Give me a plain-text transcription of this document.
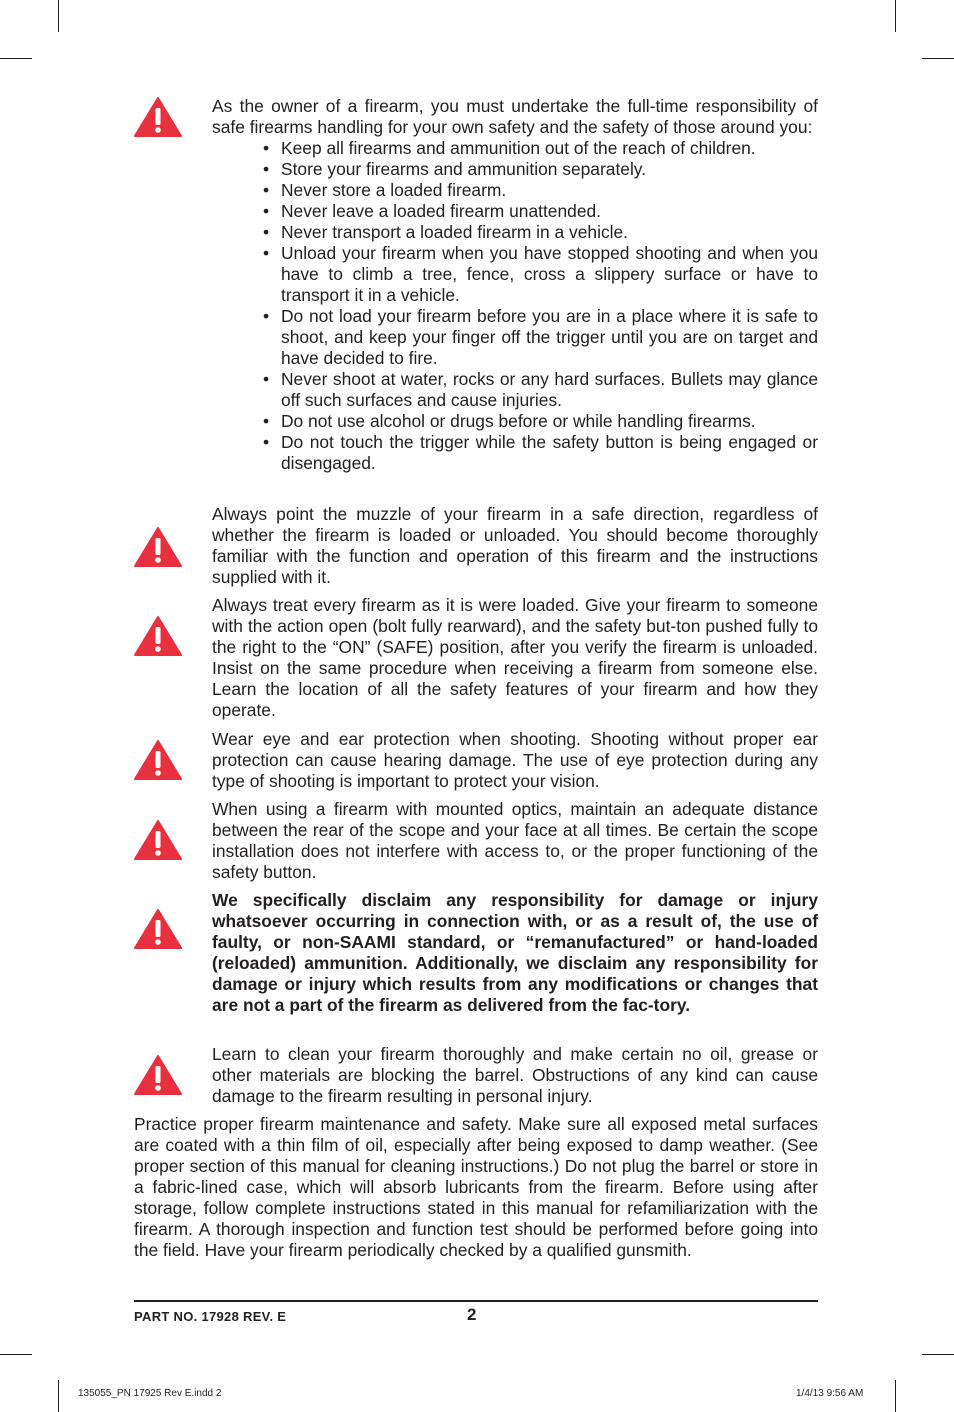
As the owner of a firearm, you must undertake the full-time responsibility of safe firearms handling for your own safety and the safety of those around you:
• Keep all firearms and ammunition out of the reach of children.
• Store your firearms and ammunition separately.
• Never store a loaded firearm.
• Never leave a loaded firearm unattended.
• Never transport a loaded firearm in a vehicle.
• Unload your firearm when you have stopped shooting and when you have to climb a tree, fence, cross a slippery surface or have to transport it in a vehicle.
• Do not load your firearm before you are in a place where it is safe to shoot, and keep your finger off the trigger until you are on target and have decided to fire.
• Never shoot at water, rocks or any hard surfaces. Bullets may glance off such surfaces and cause injuries.
• Do not use alcohol or drugs before or while handling firearms.
• Do not touch the trigger while the safety button is being engaged or disengaged.
Always point the muzzle of your firearm in a safe direction, regardless of whether the firearm is loaded or unloaded. You should become thoroughly familiar with the function and operation of this firearm and the instructions supplied with it.
Always treat every firearm as it is were loaded. Give your firearm to someone with the action open (bolt fully rearward), and the safety but-ton pushed fully to the right to the “ON” (SAFE) position, after you verify the firearm is unloaded. Insist on the same procedure when receiving a firearm from someone else. Learn the location of all the safety features of your firearm and how they operate.
Wear eye and ear protection when shooting. Shooting without proper ear protection can cause hearing damage. The use of eye protection during any type of shooting is important to protect your vision.
When using a firearm with mounted optics, maintain an adequate distance between the rear of the scope and your face at all times. Be certain the scope installation does not interfere with access to, or the proper functioning of the safety button.
We specifically disclaim any responsibility for damage or injury whatsoever occurring in connection with, or as a result of, the use of faulty, or non-SAAMI standard, or “remanufactured” or hand-loaded (reloaded) ammunition. Additionally, we disclaim any responsibility for damage or injury which results from any modifications or changes that are not a part of the firearm as delivered from the fac-tory.
Learn to clean your firearm thoroughly and make certain no oil, grease or other materials are blocking the barrel. Obstructions of any kind can cause damage to the firearm resulting in personal injury.
Practice proper firearm maintenance and safety. Make sure all exposed metal surfaces are coated with a thin film of oil, especially after being exposed to damp weather. (See proper section of this manual for cleaning instructions.) Do not plug the barrel or store in a fabric-lined case, which will absorb lubricants from the firearm. Before using after storage, follow complete instructions stated in this manual for refamiliarization with the firearm. A thorough inspection and function test should be performed before going into the field. Have your firearm periodically checked by a qualified gunsmith.
PART NO. 17928 REV. E	2
135055_PN 17925 Rev E.indd 2	1/4/13 9:56 AM
